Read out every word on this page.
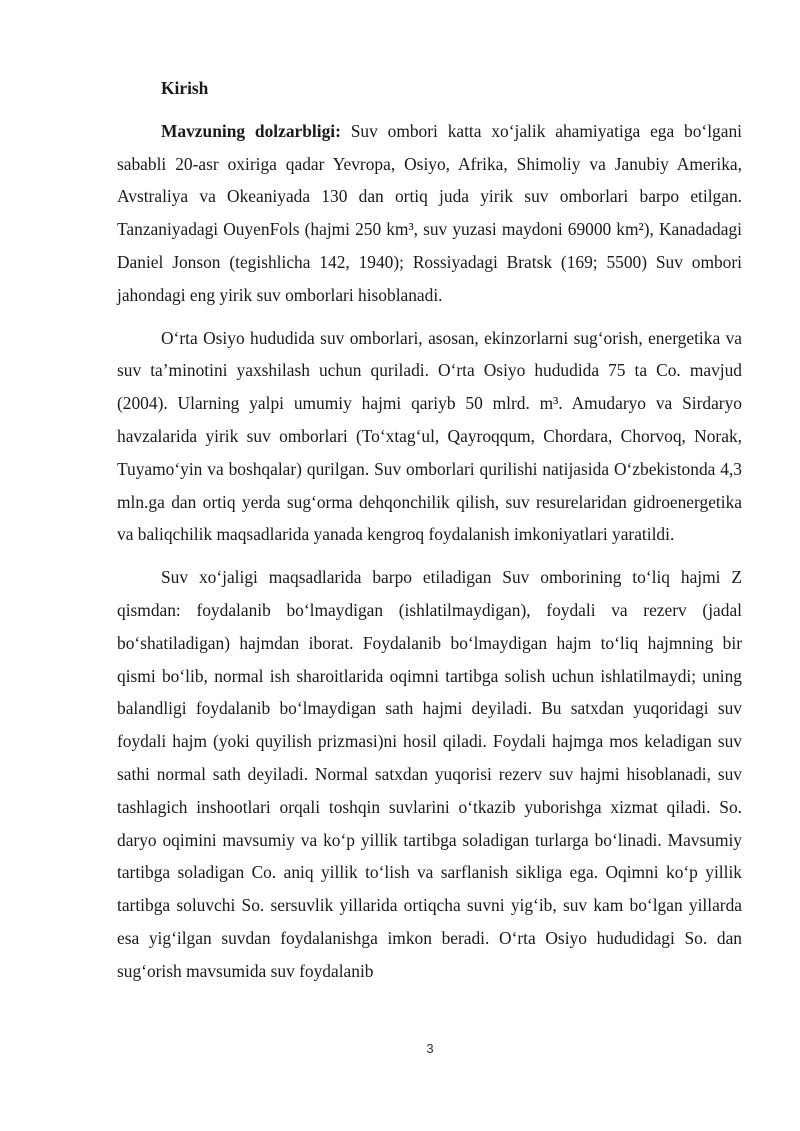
Kirish

Mavzuning dolzarbligi: Suv ombori katta xo‘jalik ahamiyatiga ega bo‘lgani sababli 20-asr oxiriga qadar Yevropa, Osiyo, Afrika, Shimoliy va Janubiy Amerika, Avstraliya va Okeaniyada 130 dan ortiq juda yirik suv omborlari barpo etilgan. Tanzaniyadagi OuyenFols (hajmi 250 km³, suv yuzasi maydoni 69000 km²), Kanadadagi Daniel Jonson (tegishlicha 142, 1940); Rossiyadagi Bratsk (169; 5500) Suv ombori jahondagi eng yirik suv omborlari hisoblanadi.

O‘rta Osiyo hududida suv omborlari, asosan, ekinzorlarni sug‘orish, energetika va suv ta’minotini yaxshilash uchun quriladi. O‘rta Osiyo hududida 75 ta Co. mavjud (2004). Ularning yalpi umumiy hajmi qariyb 50 mlrd. m³. Amudaryo va Sirdaryo havzalarida yirik suv omborlari (To‘xtag‘ul, Qayroqqum, Chordara, Chorvoq, Norak, Tuyamo‘yin va boshqalar) qurilgan. Suv omborlari qurilishi natijasida O‘zbekistonda 4,3 mln.ga dan ortiq yerda sug‘orma dehqonchilik qilish, suv resurelaridan gidroenergetika va baliqchilik maqsadlarida yanada kengroq foydalanish imkoniyatlari yaratildi.

Suv xo‘jaligi maqsadlarida barpo etiladigan Suv omborining to‘liq hajmi Z qismdan: foydalanib bo‘lmaydigan (ishlatilmaydigan), foydali va rezerv (jadal bo‘shatiladigan) hajmdan iborat. Foydalanib bo‘lmaydigan hajm to‘liq hajmning bir qismi bo‘lib, normal ish sharoitlarida oqimni tartibga solish uchun ishlatilmaydi; uning balandligi foydalanib bo‘lmaydigan sath hajmi deyiladi. Bu satxdan yuqoridagi suv foydali hajm (yoki quyilish prizmasi)ni hosil qiladi. Foydali hajmga mos keladigan suv sathi normal sath deyiladi. Normal satxdan yuqorisi rezerv suv hajmi hisoblanadi, suv tashlagich inshootlari orqali toshqin suvlarini o‘tkazib yuborishga xizmat qiladi. So. daryo oqimini mavsumiy va ko‘p yillik tartibga soladigan turlarga bo‘linadi. Mavsumiy tartibga soladigan Co. aniq yillik to‘lish va sarflanish sikliga ega. Oqimni ko‘p yillik tartibga soluvchi So. sersuvlik yillarida ortiqcha suvni yig‘ib, suv kam bo‘lgan yillarda esa yig‘ilgan suvdan foydalanishga imkon beradi. O‘rta Osiyo hududidagi So. dan sug‘orish mavsumida suv foydalanib

3
